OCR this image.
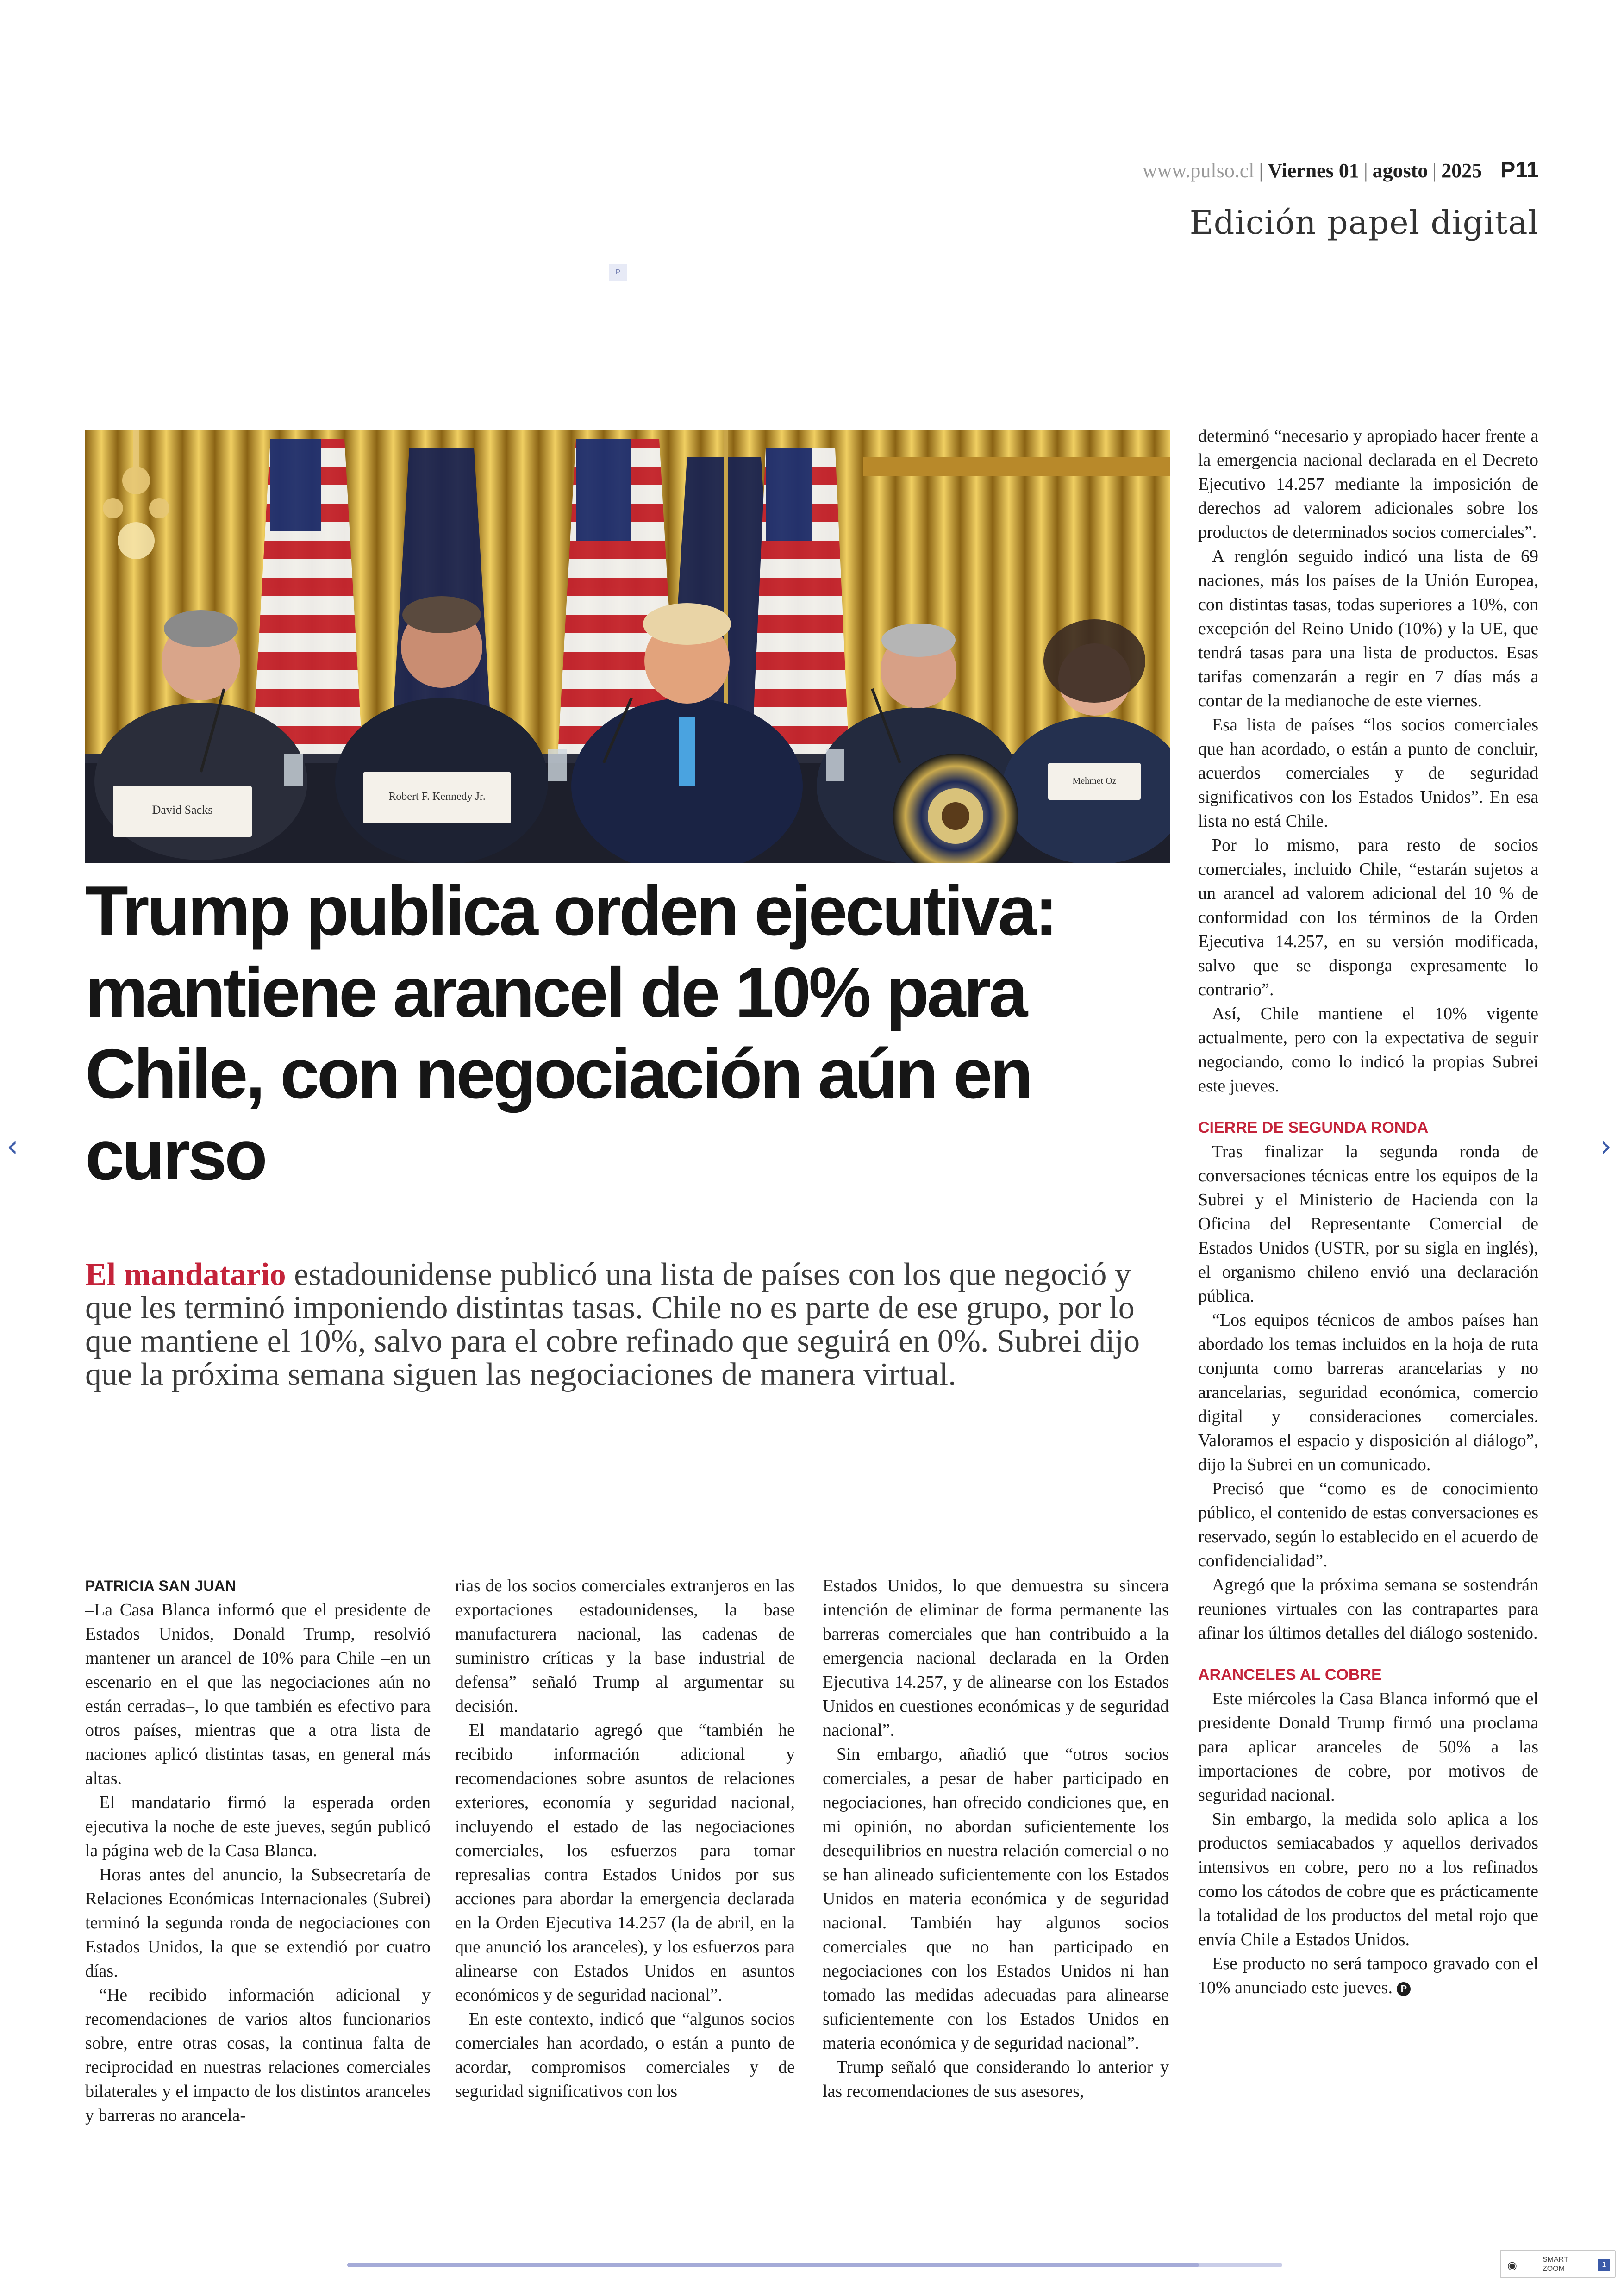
www.pulso.cl | Viernes 01 | agosto | 2025 P11
Edición papel digital
P
David Sacks
Robert F. Kennedy Jr.
Mehmet Oz
Trump publica orden ejecutiva: mantiene arancel de 10% para Chile, con negociación aún en curso

El mandatario estadounidense publicó una lista de países con los que negoció y que les terminó imponiendo distintas tasas. Chile no es parte de ese grupo, por lo que mantiene el 10%, salvo para el cobre refinado que seguirá en 0%. Subrei dijo que la próxima semana siguen las negociaciones de manera virtual.

PATRICIA SAN JUAN

–La Casa Blanca informó que el presidente de Estados Unidos, Donald Trump, resolvió mantener un arancel de 10% para Chile –en un escenario en el que las negociaciones aún no están cerradas–, lo que también es efectivo para otros países, mientras que a otra lista de naciones aplicó distintas tasas, en general más altas.

El mandatario firmó la esperada orden ejecutiva la noche de este jueves, según publicó la página web de la Casa Blanca.

Horas antes del anuncio, la Subsecretaría de Relaciones Económicas Internacionales (Subrei) terminó la segunda ronda de negociaciones con Estados Unidos, la que se extendió por cuatro días.

“He recibido información adicional y recomendaciones de varios altos funcionarios sobre, entre otras cosas, la continua falta de reciprocidad en nuestras relaciones comerciales bilaterales y el impacto de los distintos aranceles y barreras no arancela-

rias de los socios comerciales extranjeros en las exportaciones estadounidenses, la base manufacturera nacional, las cadenas de suministro críticas y la base industrial de defensa” señaló Trump al argumentar su decisión.

El mandatario agregó que “también he recibido información adicional y recomendaciones sobre asuntos de relaciones exteriores, economía y seguridad nacional, incluyendo el estado de las negociaciones comerciales, los esfuerzos para tomar represalias contra Estados Unidos por sus acciones para abordar la emergencia declarada en la Orden Ejecutiva 14.257 (la de abril, en la que anunció los aranceles), y los esfuerzos para alinearse con Estados Unidos en asuntos económicos y de seguridad nacional”.

En este contexto, indicó que “algunos socios comerciales han acordado, o están a punto de acordar, compromisos comerciales y de seguridad significativos con los

Estados Unidos, lo que demuestra su sincera intención de eliminar de forma permanente las barreras comerciales que han contribuido a la emergencia nacional declarada en la Orden Ejecutiva 14.257, y de alinearse con los Estados Unidos en cuestiones económicas y de seguridad nacional”.

Sin embargo, añadió que “otros socios comerciales, a pesar de haber participado en negociaciones, han ofrecido condiciones que, en mi opinión, no abordan suficientemente los desequilibrios en nuestra relación comercial o no se han alineado suficientemente con los Estados Unidos en materia económica y de seguridad nacional. También hay algunos socios comerciales que no han participado en negociaciones con los Estados Unidos ni han tomado las medidas adecuadas para alinearse suficientemente con los Estados Unidos en materia económica y de seguridad nacional”.

Trump señaló que considerando lo anterior y las recomendaciones de sus asesores,

determinó “necesario y apropiado hacer frente a la emergencia nacional declarada en el Decreto Ejecutivo 14.257 mediante la imposición de derechos ad valorem adicionales sobre los productos de determinados socios comerciales”.

A renglón seguido indicó una lista de 69 naciones, más los países de la Unión Europea, con distintas tasas, todas superiores a 10%, con excepción del Reino Unido (10%) y la UE, que tendrá tasas para una lista de productos. Esas tarifas comenzarán a regir en 7 días más a contar de la medianoche de este viernes.

Esa lista de países “los socios comerciales que han acordado, o están a punto de concluir, acuerdos comerciales y de seguridad significativos con los Estados Unidos”. En esa lista no está Chile.

Por lo mismo, para resto de socios comerciales, incluido Chile, “estarán sujetos a un arancel ad valorem adicional del 10 % de conformidad con los términos de la Orden Ejecutiva 14.257, en su versión modificada, salvo que se disponga expresamente lo contrario”.

Así, Chile mantiene el 10% vigente actualmente, pero con la expectativa de seguir negociando, como lo indicó la propias Subrei este jueves.

CIERRE DE SEGUNDA RONDA

Tras finalizar la segunda ronda de conversaciones técnicas entre los equipos de la Subrei y el Ministerio de Hacienda con la Oficina del Representante Comercial de Estados Unidos (USTR, por su sigla en inglés), el organismo chileno envió una declaración pública.

“Los equipos técnicos de ambos países han abordado los temas incluidos en la hoja de ruta conjunta como barreras arancelarias y no arancelarias, seguridad económica, comercio digital y consideraciones comerciales. Valoramos el espacio y disposición al diálogo”, dijo la Subrei en un comunicado.

Precisó que “como es de conocimiento público, el contenido de estas conversaciones es reservado, según lo establecido en el acuerdo de confidencialidad”.

Agregó que la próxima semana se sostendrán reuniones virtuales con las contrapartes para afinar los últimos detalles del diálogo sostenido.

ARANCELES AL COBRE

Este miércoles la Casa Blanca informó que el presidente Donald Trump firmó una proclama para aplicar aranceles de 50% a las importaciones de cobre, por motivos de seguridad nacional.

Sin embargo, la medida solo aplica a los productos semiacabados y aquellos derivados intensivos en cobre, pero no a los refinados como los cátodos de cobre que es prácticamente la totalidad de los productos del metal rojo que envía Chile a Estados Unidos.

Ese producto no será tampoco gravado con el 10% anunciado este jueves. P

‹	›
◉	SMART
ZOOM
1
